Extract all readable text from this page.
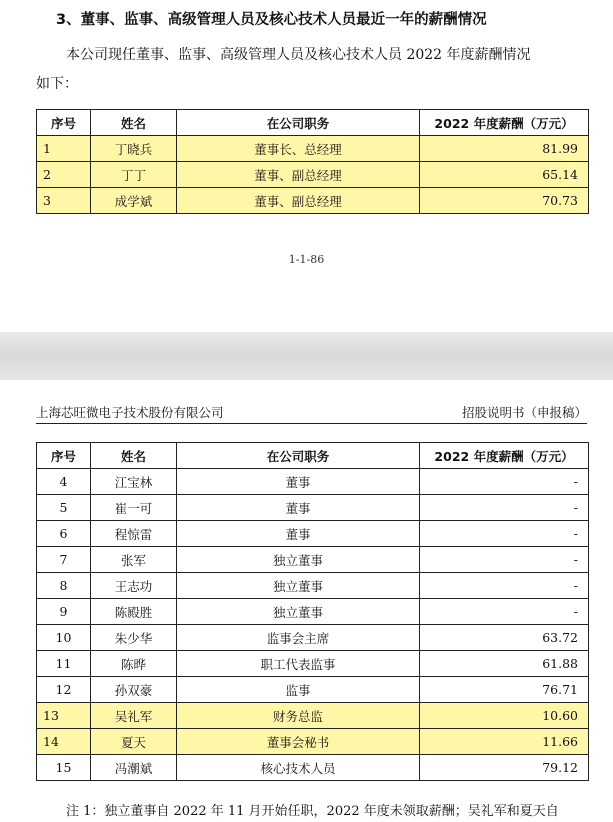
3、董事、监事、高级管理人员及核心技术人员最近一年的薪酬情况
本公司现任董事、监事、高级管理人员及核心技术人员 2022 年度薪酬情况
如下：
序号	姓名	在公司职务	2022 年度薪酬（万元）
1	丁晓兵	董事长、总经理	81.99
2	丁丁	董事、副总经理	65.14
3	成学斌	董事、副总经理	70.73
1-1-86
上海芯旺微电子技术股份有限公司	招股说明书（申报稿）
序号	姓名	在公司职务	2022 年度薪酬（万元）
4	江宝林	董事	-
5	崔一可	董事	-
6	程惊雷	董事	-
7	张军	独立董事	-
8	王志功	独立董事	-
9	陈殿胜	独立董事	-
10	朱少华	监事会主席	63.72
11	陈晔	职工代表监事	61.88
12	孙双豪	监事	76.71
13	吴礼军	财务总监	10.60
14	夏天	董事会秘书	11.66
15	冯潮斌	核心技术人员	79.12
注 1：独立董事自 2022 年 11 月开始任职，2022 年度未领取薪酬；吴礼军和夏天自
